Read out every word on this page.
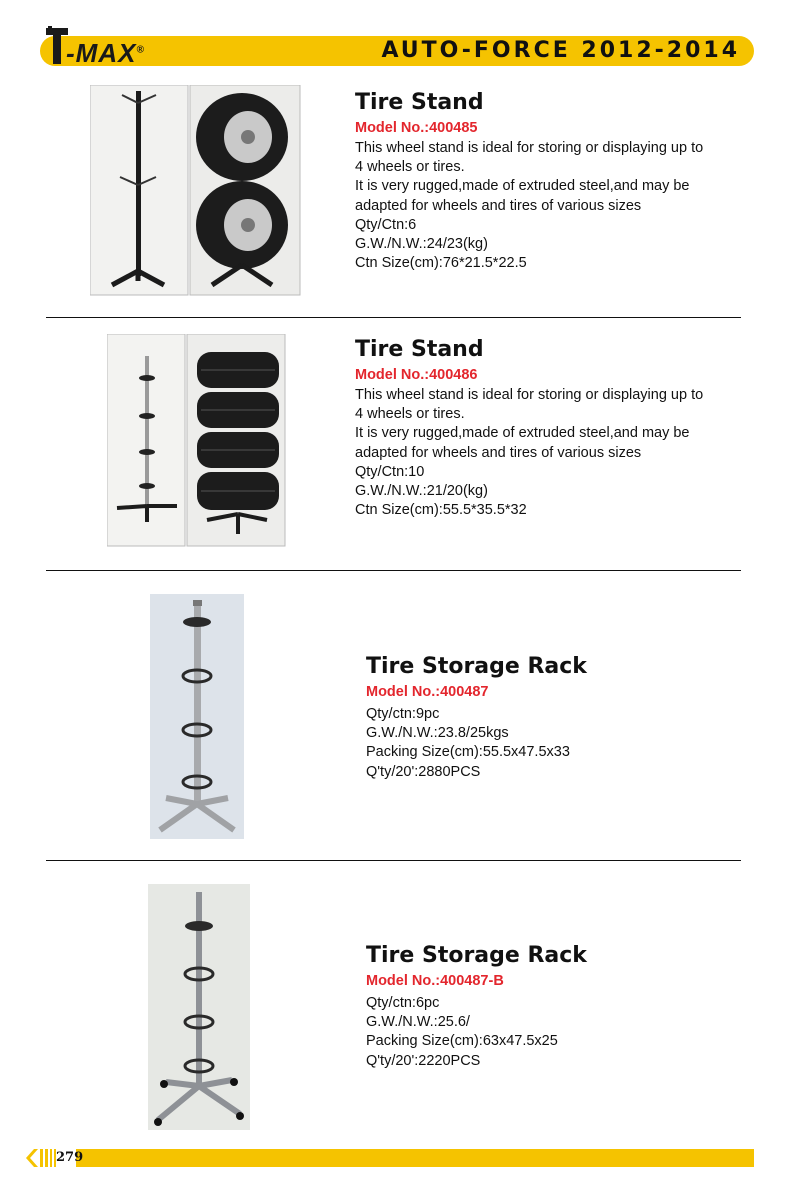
-MAX®	AUTO-FORCE 2012-2014
Tire Stand
Model No.:400485
This wheel stand is ideal for storing or displaying up to
4 wheels or tires.
It is very rugged,made of extruded steel,and may be
adapted for wheels and tires of various sizes
Qty/Ctn:6
G.W./N.W.:24/23(kg)
Ctn Size(cm):76*21.5*22.5
Tire Stand
Model No.:400486
This wheel stand is ideal for storing or displaying up to
4 wheels or tires.
It is very rugged,made of extruded steel,and may be
adapted for wheels and tires of various sizes
Qty/Ctn:10
G.W./N.W.:21/20(kg)
Ctn Size(cm):55.5*35.5*32
Tire Storage Rack
Model No.:400487
Qty/ctn:9pc
G.W./N.W.:23.8/25kgs
Packing Size(cm):55.5x47.5x33
Q'ty/20':2880PCS
Tire Storage Rack
Model No.:400487-B
Qty/ctn:6pc
G.W./N.W.:25.6/
Packing Size(cm):63x47.5x25
Q'ty/20':2220PCS
279
